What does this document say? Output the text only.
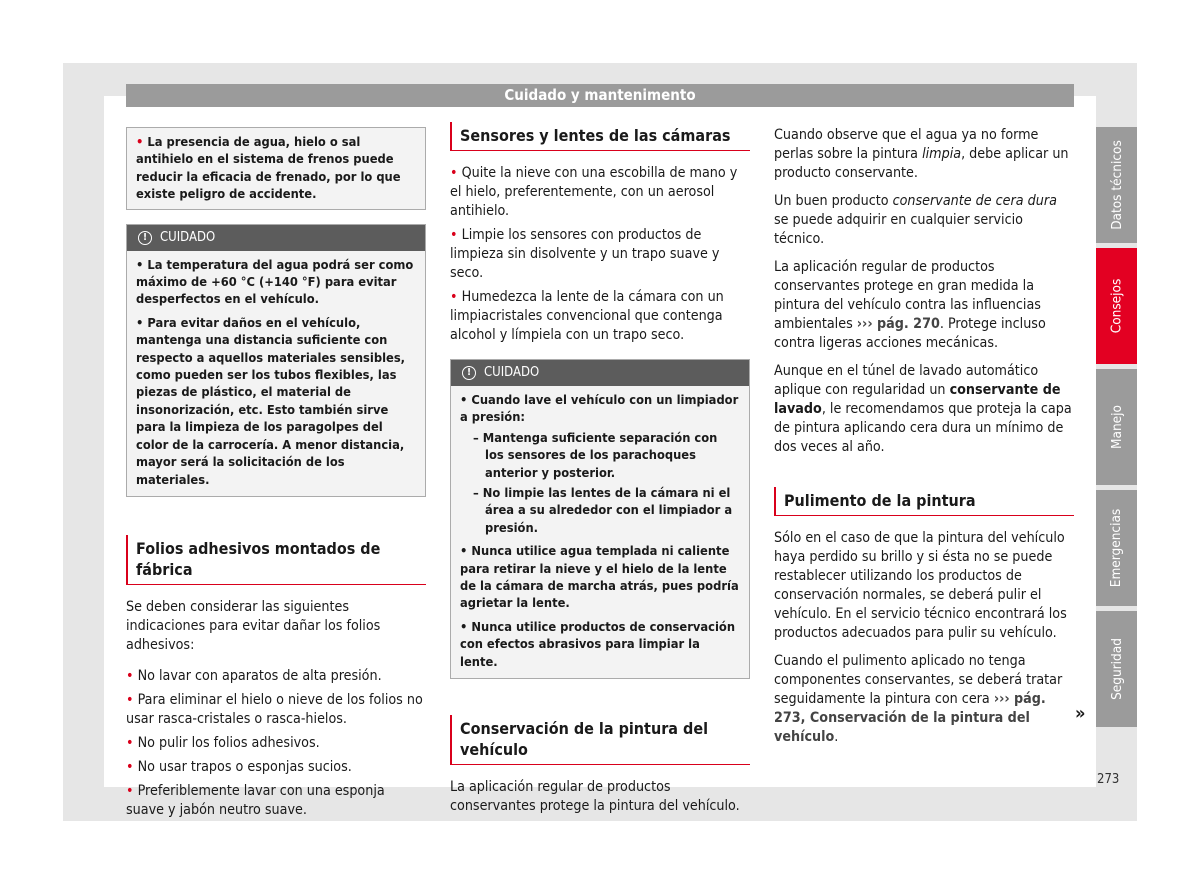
Cuidado y mantenimento

• La presencia de agua, hielo o sal antihielo en el sistema de frenos puede reducir la eficacia de frenado, por lo que existe peligro de accidente.

! CUIDADO

• La temperatura del agua podrá ser como máximo de +60 °C (+140 °F) para evitar desperfectos en el vehículo.

• Para evitar daños en el vehículo, mantenga una distancia suficiente con respecto a aquellos materiales sensibles, como pueden ser los tubos flexibles, las piezas de plástico, el material de insonorización, etc. Esto también sirve para la limpieza de los paragolpes del color de la carrocería. A menor distancia, mayor será la solicitación de los materiales.

Folios adhesivos montados de fábrica

Se deben considerar las siguientes indicaciones para evitar dañar los folios adhesivos:

• No lavar con aparatos de alta presión.

• Para eliminar el hielo o nieve de los folios no usar rasca-cristales o rasca-hielos.

• No pulir los folios adhesivos.

• No usar trapos o esponjas sucios.

• Preferiblemente lavar con una esponja suave y jabón neutro suave.

Sensores y lentes de las cámaras

• Quite la nieve con una escobilla de mano y el hielo, preferentemente, con un aerosol antihielo.

• Limpie los sensores con productos de limpieza sin disolvente y un trapo suave y seco.

• Humedezca la lente de la cámara con un limpiacristales convencional que contenga alcohol y límpiela con un trapo seco.

! CUIDADO

• Cuando lave el vehículo con un limpiador a presión:

– Mantenga suficiente separación con los sensores de los parachoques anterior y posterior.

– No limpie las lentes de la cámara ni el área a su alrededor con el limpiador a presión.

• Nunca utilice agua templada ni caliente para retirar la nieve y el hielo de la lente de la cámara de marcha atrás, pues podría agrietar la lente.

• Nunca utilice productos de conservación con efectos abrasivos para limpiar la lente.

Conservación de la pintura del vehículo

La aplicación regular de productos conservantes protege la pintura del vehículo.

Cuando observe que el agua ya no forme perlas sobre la pintura limpia, debe aplicar un producto conservante.

Un buen producto conservante de cera dura se puede adquirir en cualquier servicio técnico.

La aplicación regular de productos conservantes protege en gran medida la pintura del vehículo contra las influencias ambientales ››› pág. 270. Protege incluso contra ligeras acciones mecánicas.

Aunque en el túnel de lavado automático aplique con regularidad un conservante de lavado, le recomendamos que proteja la capa de pintura aplicando cera dura un mínimo de dos veces al año.

Pulimento de la pintura

Sólo en el caso de que la pintura del vehículo haya perdido su brillo y si ésta no se puede restablecer utilizando los productos de conservación normales, se deberá pulir el vehículo. En el servicio técnico encontrará los productos adecuados para pulir su vehículo.

Cuando el pulimento aplicado no tenga componentes conservantes, se deberá tratar seguidamente la pintura con cera ››› pág. 273, Conservación de la pintura del vehículo.

»
Datos técnicos
Consejos
Manejo
Emergencias
Seguridad
273
